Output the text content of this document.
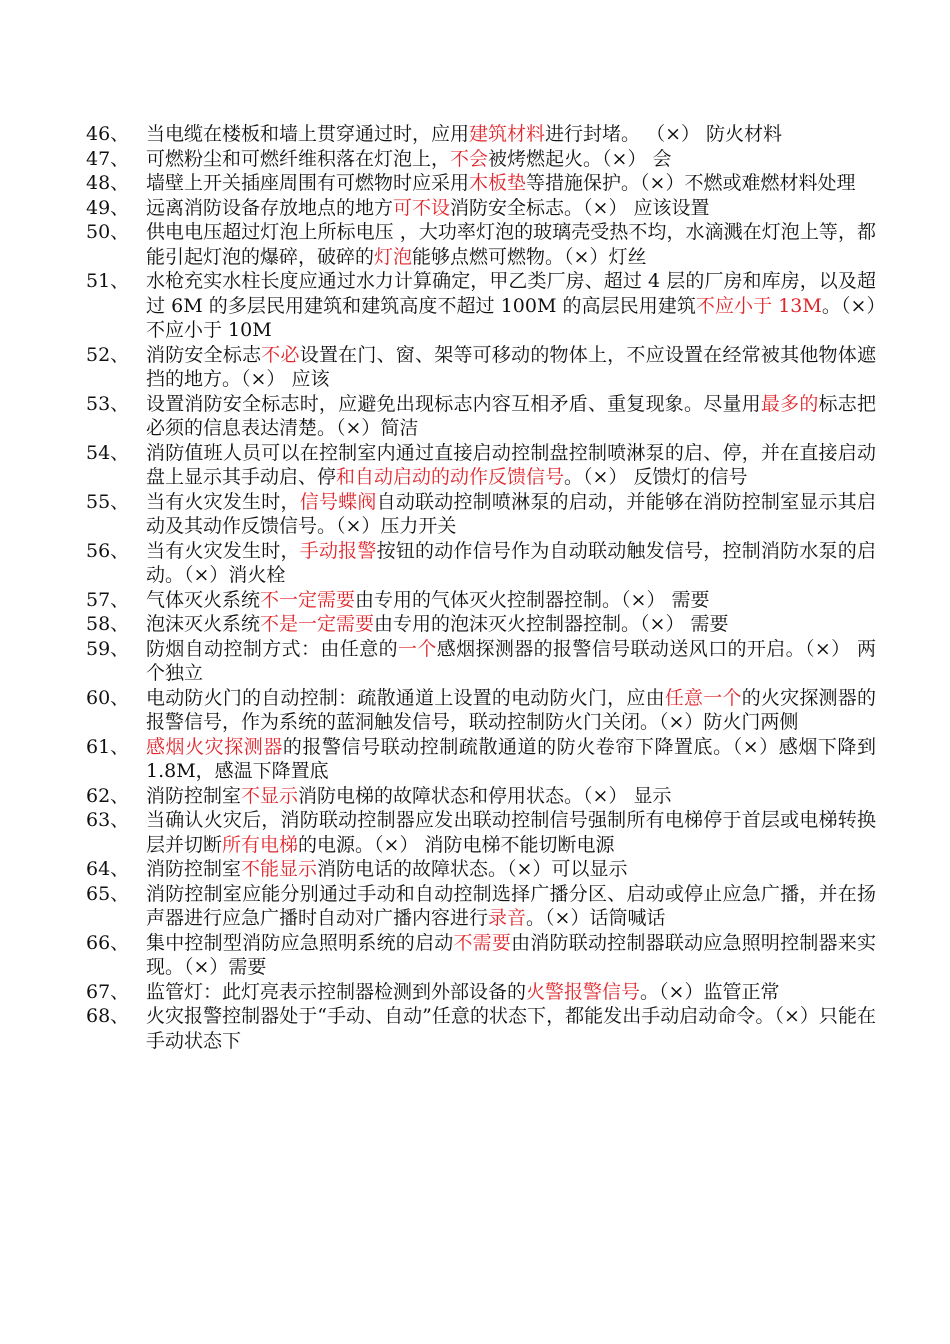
46、 当电缆在楼板和墙上贯穿通过时，应用建筑材料进行封堵。 （×） 防火材料
47、 可燃粉尘和可燃纤维积落在灯泡上，不会被烤燃起火。（×） 会
48、 墙壁上开关插座周围有可燃物时应采用木板垫等措施保护。（×）不燃或难燃材料处理
49、 远离消防设备存放地点的地方可不设消防安全标志。（×） 应该设置
50、 供电电压超过灯泡上所标电压 ，大功率灯泡的玻璃壳受热不均，水滴溅在灯泡上等，都能引起灯泡的爆碎，破碎的灯泡能够点燃可燃物。（×）灯丝
51、 水枪充实水柱长度应通过水力计算确定，甲乙类厂房、超过 4 层的厂房和库房，以及超过 6M 的多层民用建筑和建筑高度不超过 100M 的高层民用建筑不应小于 13M。（×）不应小于 10M
52、 消防安全标志不必设置在门、窗、架等可移动的物体上，不应设置在经常被其他物体遮挡的地方。（×） 应该
53、 设置消防安全标志时，应避免出现标志内容互相矛盾、重复现象。尽量用最多的标志把必须的信息表达清楚。（×）简洁
54、 消防值班人员可以在控制室内通过直接启动控制盘控制喷淋泵的启、停，并在直接启动盘上显示其手动启、停和自动启动的动作反馈信号。（×） 反馈灯的信号
55、 当有火灾发生时，信号蝶阀自动联动控制喷淋泵的启动，并能够在消防控制室显示其启动及其动作反馈信号。（×）压力开关
56、 当有火灾发生时，手动报警按钮的动作信号作为自动联动触发信号，控制消防水泵的启动。（×）消火栓
57、 气体灭火系统不一定需要由专用的气体灭火控制器控制。（×） 需要
58、 泡沫灭火系统不是一定需要由专用的泡沫灭火控制器控制。（×） 需要
59、 防烟自动控制方式：由任意的一个感烟探测器的报警信号联动送风口的开启。（×） 两个独立
60、 电动防火门的自动控制：疏散通道上设置的电动防火门，应由任意一个的火灾探测器的报警信号，作为系统的蓝洞触发信号，联动控制防火门关闭。（×）防火门两侧
61、 感烟火灾探测器的报警信号联动控制疏散通道的防火卷帘下降置底。（×）感烟下降到 1.8M，感温下降置底
62、 消防控制室不显示消防电梯的故障状态和停用状态。（×） 显示
63、 当确认火灾后，消防联动控制器应发出联动控制信号强制所有电梯停于首层或电梯转换层并切断所有电梯的电源。（×） 消防电梯不能切断电源
64、 消防控制室不能显示消防电话的故障状态。（×）可以显示
65、 消防控制室应能分别通过手动和自动控制选择广播分区、启动或停止应急广播，并在扬声器进行应急广播时自动对广播内容进行录音。（×）话筒喊话
66、 集中控制型消防应急照明系统的启动不需要由消防联动控制器联动应急照明控制器来实现。（×）需要
67、 监管灯：此灯亮表示控制器检测到外部设备的火警报警信号。（×）监管正常
68、 火灾报警控制器处于“手动、自动”任意的状态下，都能发出手动启动命令。（×）只能在手动状态下
